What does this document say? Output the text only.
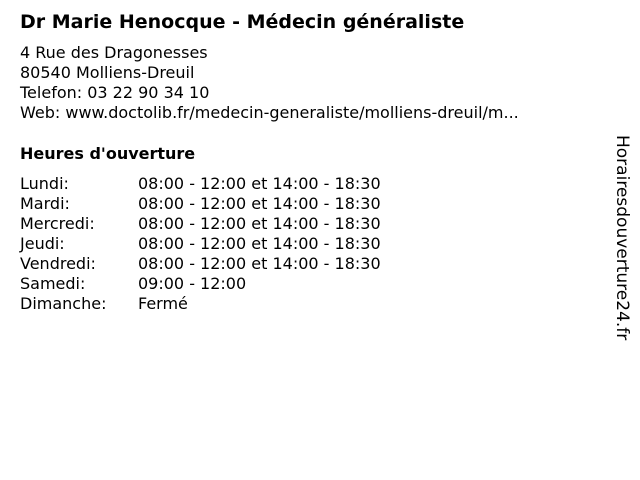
Dr Marie Henocque - Médecin généraliste
4 Rue des Dragonesses
80540 Molliens-Dreuil
Telefon: 03 22 90 34 10
Web: www.doctolib.fr/medecin-generaliste/molliens-dreuil/m...
Heures d'ouverture
Lundi:	08:00 - 12:00 et 14:00 - 18:30
Mardi:	08:00 - 12:00 et 14:00 - 18:30
Mercredi:	08:00 - 12:00 et 14:00 - 18:30
Jeudi:	08:00 - 12:00 et 14:00 - 18:30
Vendredi:	08:00 - 12:00 et 14:00 - 18:30
Samedi:	09:00 - 12:00
Dimanche:	Fermé	Horairesdouverture24.fr
